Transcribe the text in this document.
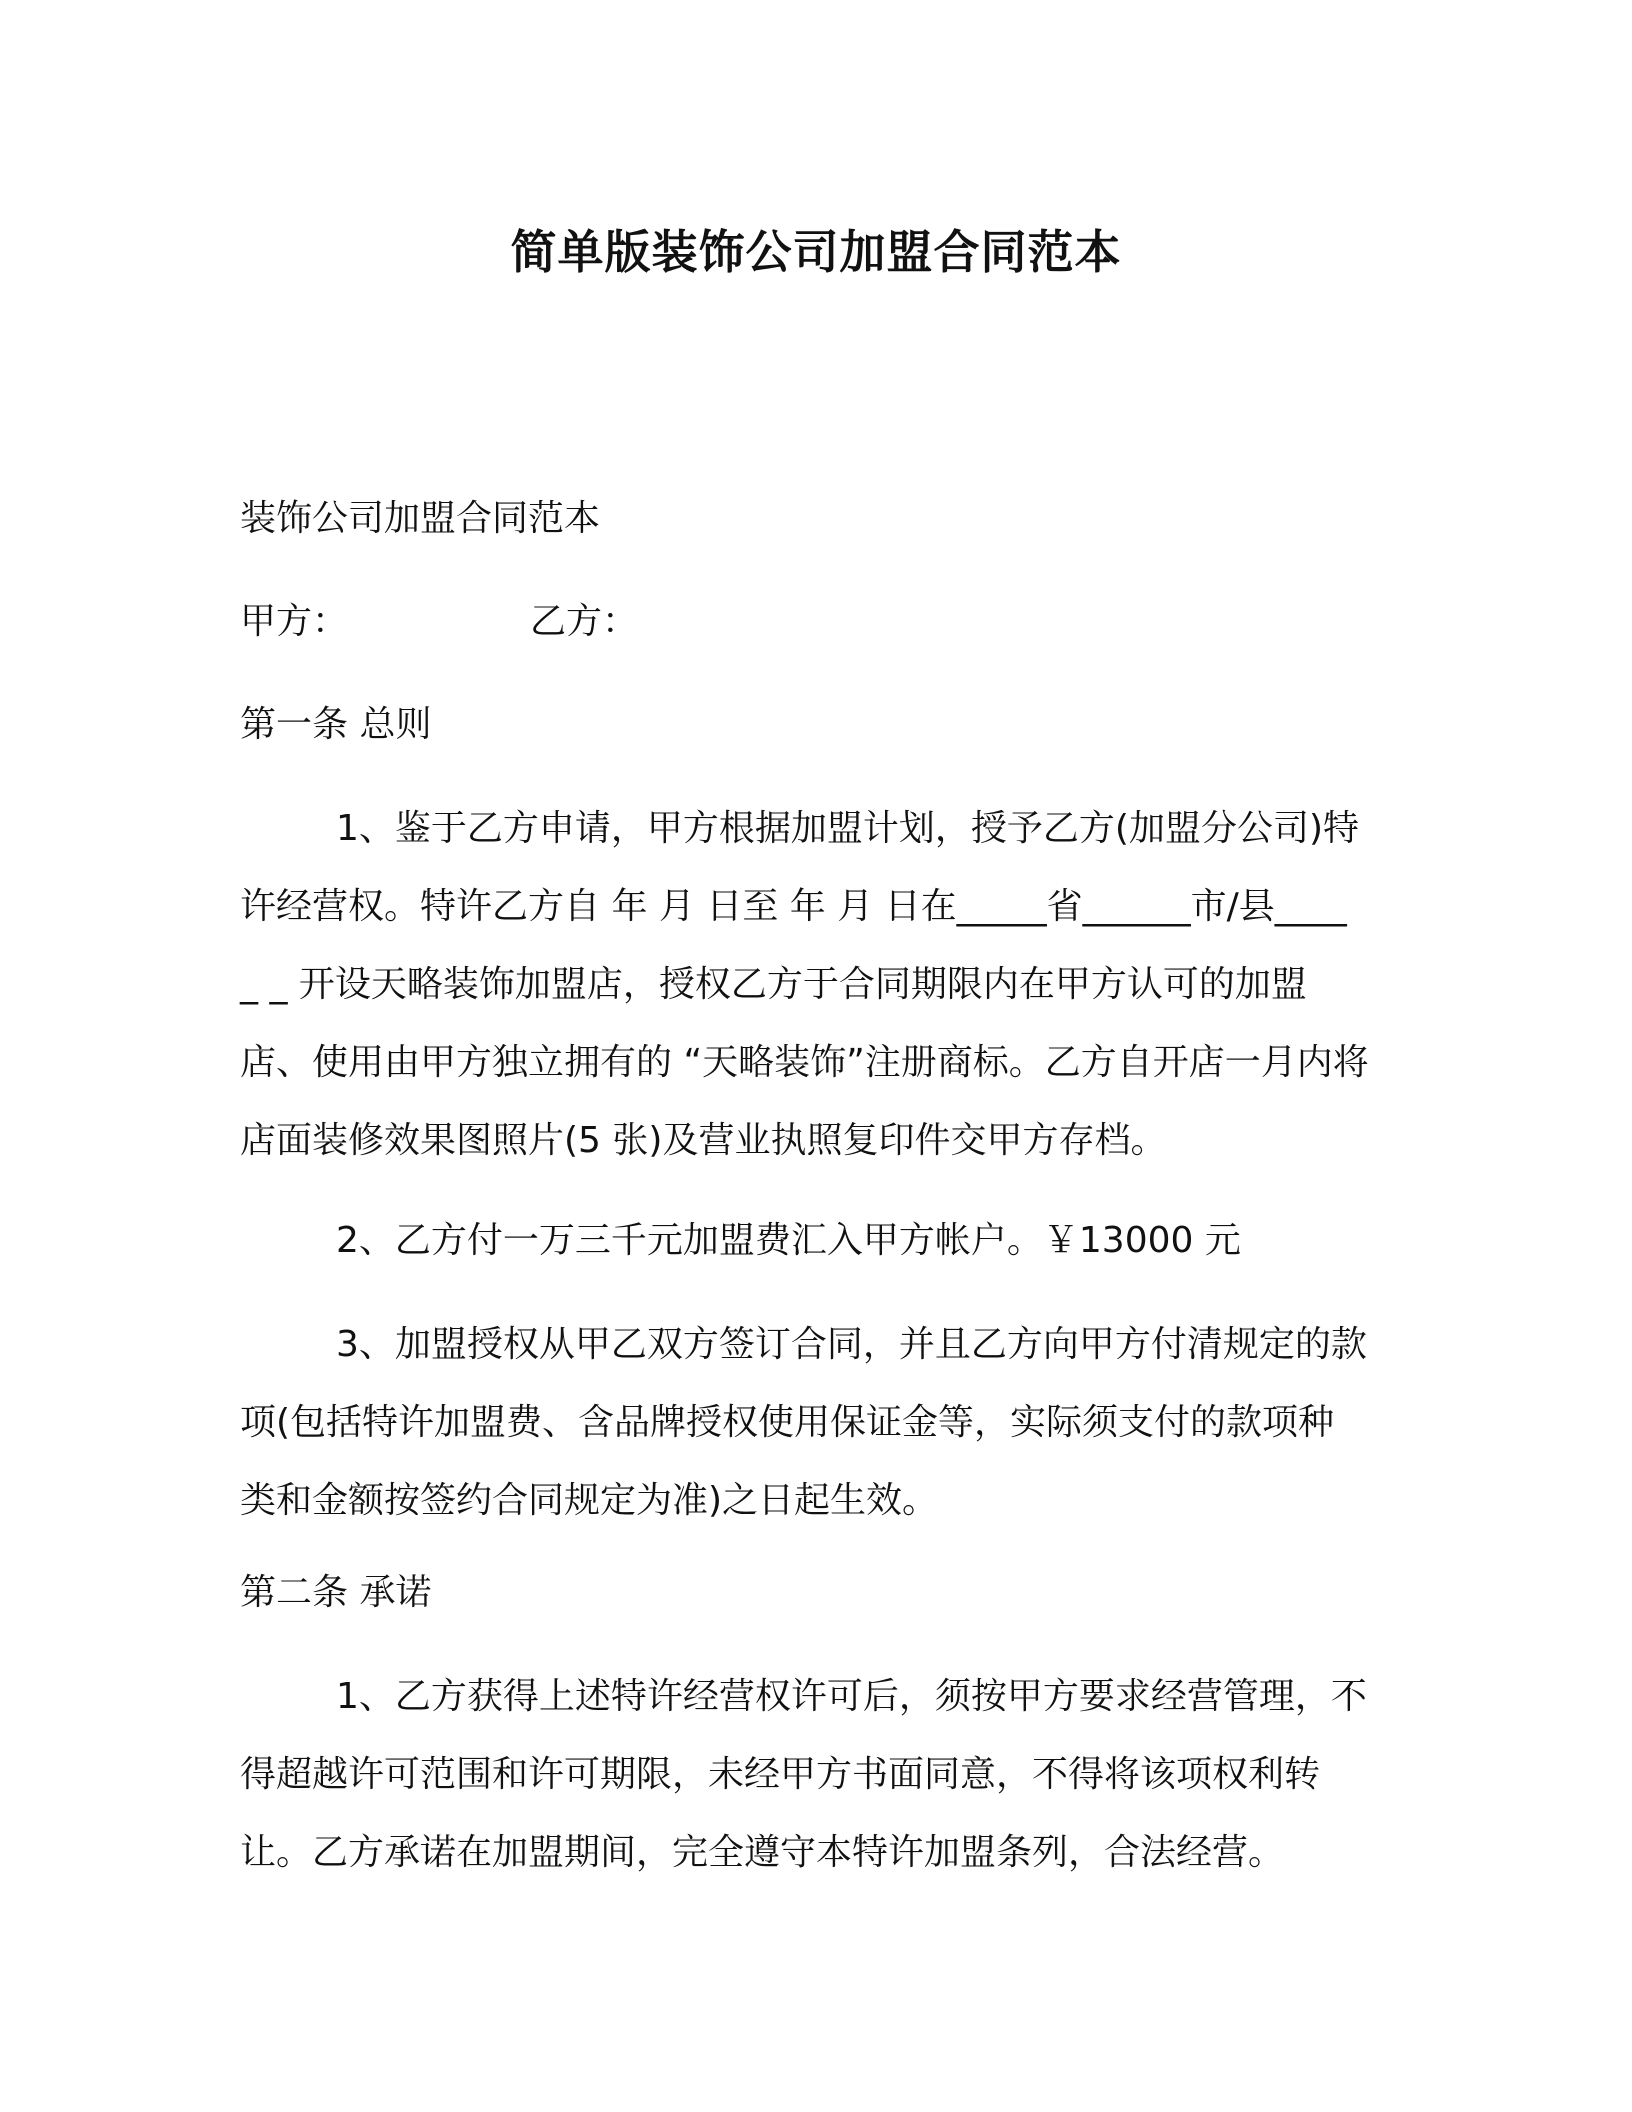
简单版装饰公司加盟合同范本
装饰公司加盟合同范本
甲方：	乙方：
第一条 总则
1、鉴于乙方申请，甲方根据加盟计划，授予乙方(加盟分公司)特许经营权。特许乙方自 年 月 日至 年 月 日在_____省______市/县____ _ _ 开设天略装饰加盟店，授权乙方于合同期限内在甲方认可的加盟店、使用由甲方独立拥有的 “天略装饰”注册商标。乙方自开店一月内将店面装修效果图照片(5 张)及营业执照复印件交甲方存档。
2、乙方付一万三千元加盟费汇入甲方帐户。￥13000 元
3、加盟授权从甲乙双方签订合同，并且乙方向甲方付清规定的款项(包括特许加盟费、含品牌授权使用保证金等，实际须支付的款项种类和金额按签约合同规定为准)之日起生效。
第二条 承诺
1、乙方获得上述特许经营权许可后，须按甲方要求经营管理，不得超越许可范围和许可期限，未经甲方书面同意，不得将该项权利转让。乙方承诺在加盟期间，完全遵守本特许加盟条列，合法经营。
